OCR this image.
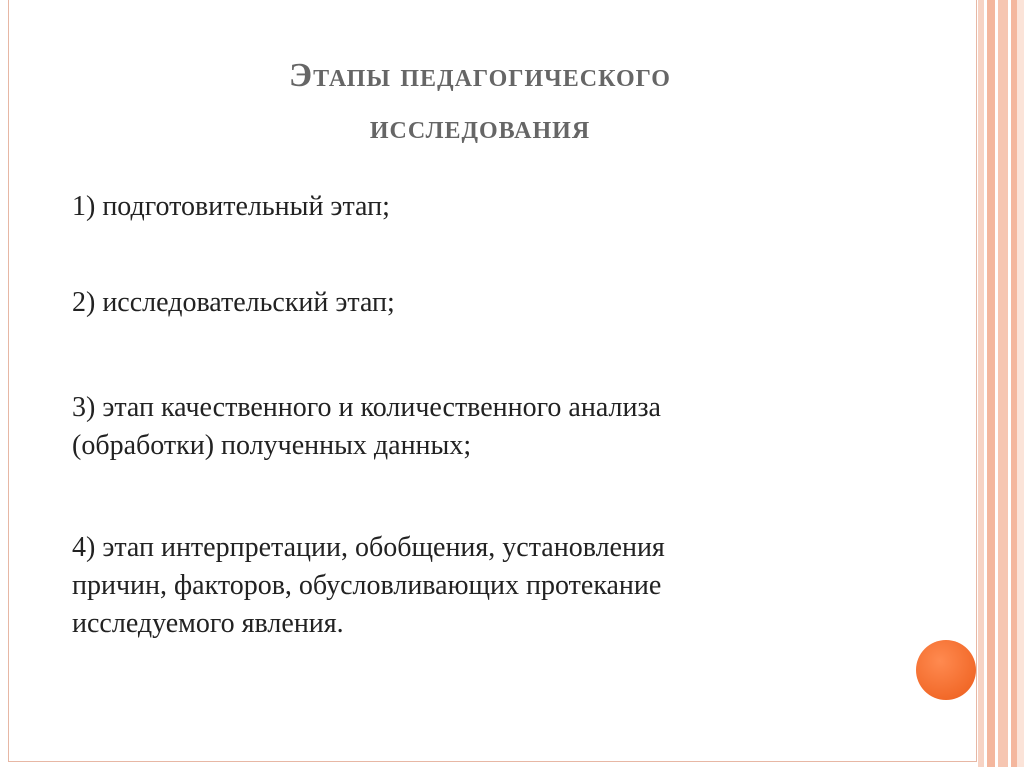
Этапы педагогического
исследования
1) подготовительный этап;
2) исследовательский этап;
3) этап качественного и количественного анализа
(обработки) полученных данных;
4) этап интерпретации, обобщения, установления
причин, факторов, обусловливающих протекание
исследуемого явления.
